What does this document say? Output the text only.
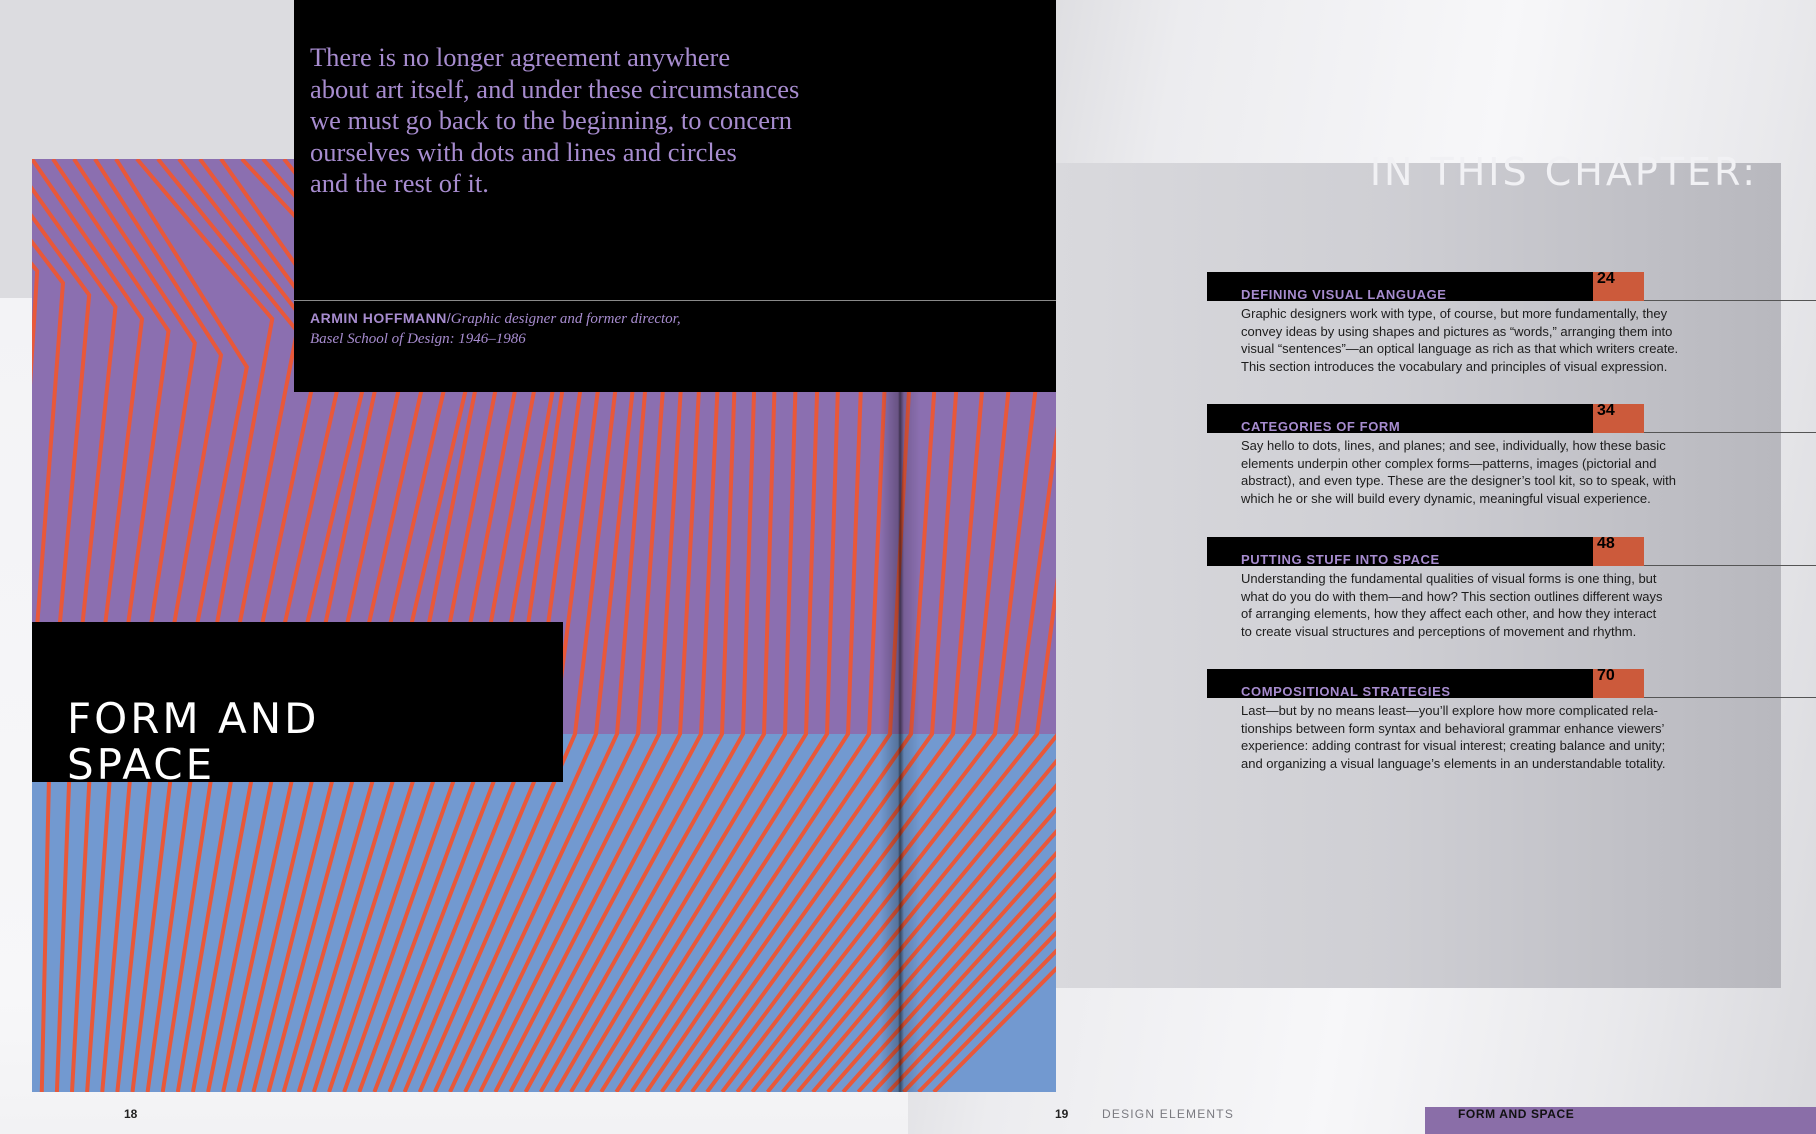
IN THIS CHAPTER:

There is no longer agreement anywhere
about art itself, and under these circumstances
we must go back to the beginning, to concern
ourselves with dots and lines and circles
and the rest of it.

ARMIN HOFFMANN/Graphic designer and former director,
Basel School of Design: 1946–1986
FORM AND
SPACE
24
DEFINING VISUAL LANGUAGE

Graphic designers work with type, of course, but more fundamentally, they
convey ideas by using shapes and pictures as “words,” arranging them into
visual “sentences”—an optical language as rich as that which writers create.
This section introduces the vocabulary and principles of visual expression.

34
CATEGORIES OF FORM

Say hello to dots, lines, and planes; and see, individually, how these basic
elements underpin other complex forms—patterns, images (pictorial and
abstract), and even type. These are the designer’s tool kit, so to speak, with
which he or she will build every dynamic, meaningful visual experience.

48
PUTTING STUFF INTO SPACE

Understanding the fundamental qualities of visual forms is one thing, but
what do you do with them—and how? This section outlines different ways
of arranging elements, how they affect each other, and how they interact
to create visual structures and perceptions of movement and rhythm.

70
COMPOSITIONAL STRATEGIES

Last—but by no means least—you’ll explore how more complicated rela-
tionships between form syntax and behavioral grammar enhance viewers’
experience: adding contrast for visual interest; creating balance and unity;
and organizing a visual language’s elements in an understandable totality.

18	19	DESIGN ELEMENTS	FORM AND SPACE
